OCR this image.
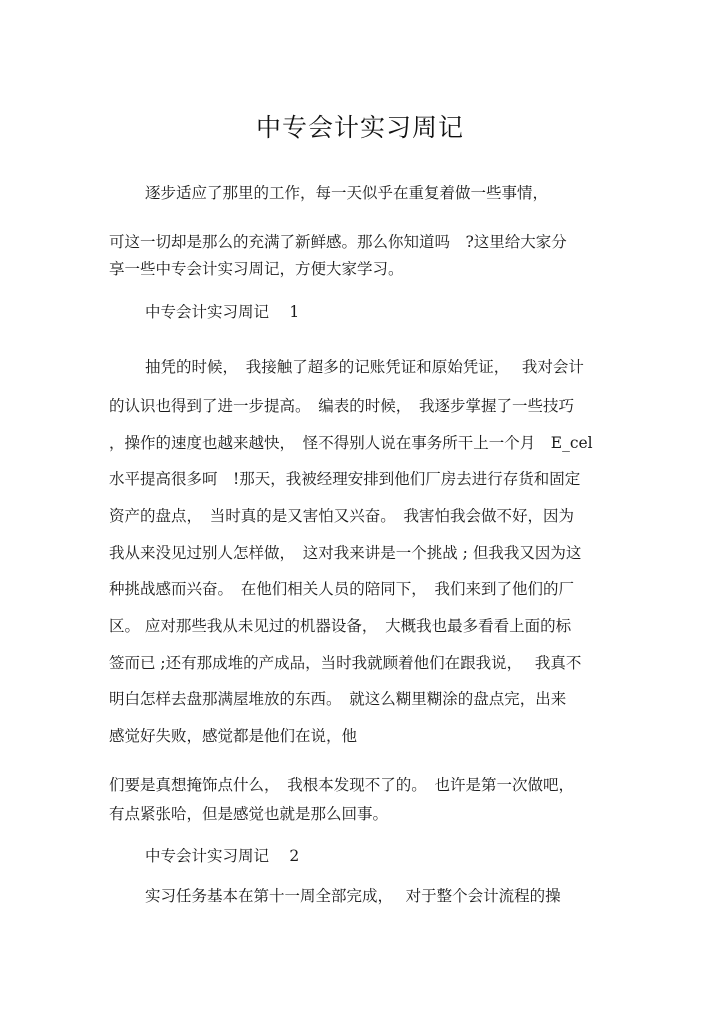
中专会计实习周记
逐步适应了那里的工作，每一天似乎在重复着做一些事情，
可这一切却是那么的充满了新鲜感。那么你知道吗　?这里给大家分
享一些中专会计实习周记，方便大家学习。
中专会计实习周记　 1
抽凭的时候，　我接触了超多的记账凭证和原始凭证，　 我对会计
的认识也得到了进一步提高。　编表的时候，　我逐步掌握了一些技巧
，操作的速度也越来越快，　怪不得别人说在事务所干上一个月　E_cel
水平提高很多呵　!那天，我被经理安排到他们厂房去进行存货和固定
资产的盘点，　当时真的是又害怕又兴奋。　我害怕我会做不好，因为
我从来没见过别人怎样做，　这对我来讲是一个挑战 ; 但我我又因为这
种挑战感而兴奋。　在他们相关人员的陪同下，　我们来到了他们的厂
区。 应对那些我从未见过的机器设备，　大概我也最多看看上面的标
签而已 ;还有那成堆的产成品，当时我就顾着他们在跟我说，　 我真不
明白怎样去盘那满屋堆放的东西。　就这么糊里糊涂的盘点完，出来
感觉好失败，感觉都是他们在说，他
们要是真想掩饰点什么，　我根本发现不了的。　也许是第一次做吧，
有点紧张哈，但是感觉也就是那么回事。
中专会计实习周记　 2
实习任务基本在第十一周全部完成，　 对于整个会计流程的操
